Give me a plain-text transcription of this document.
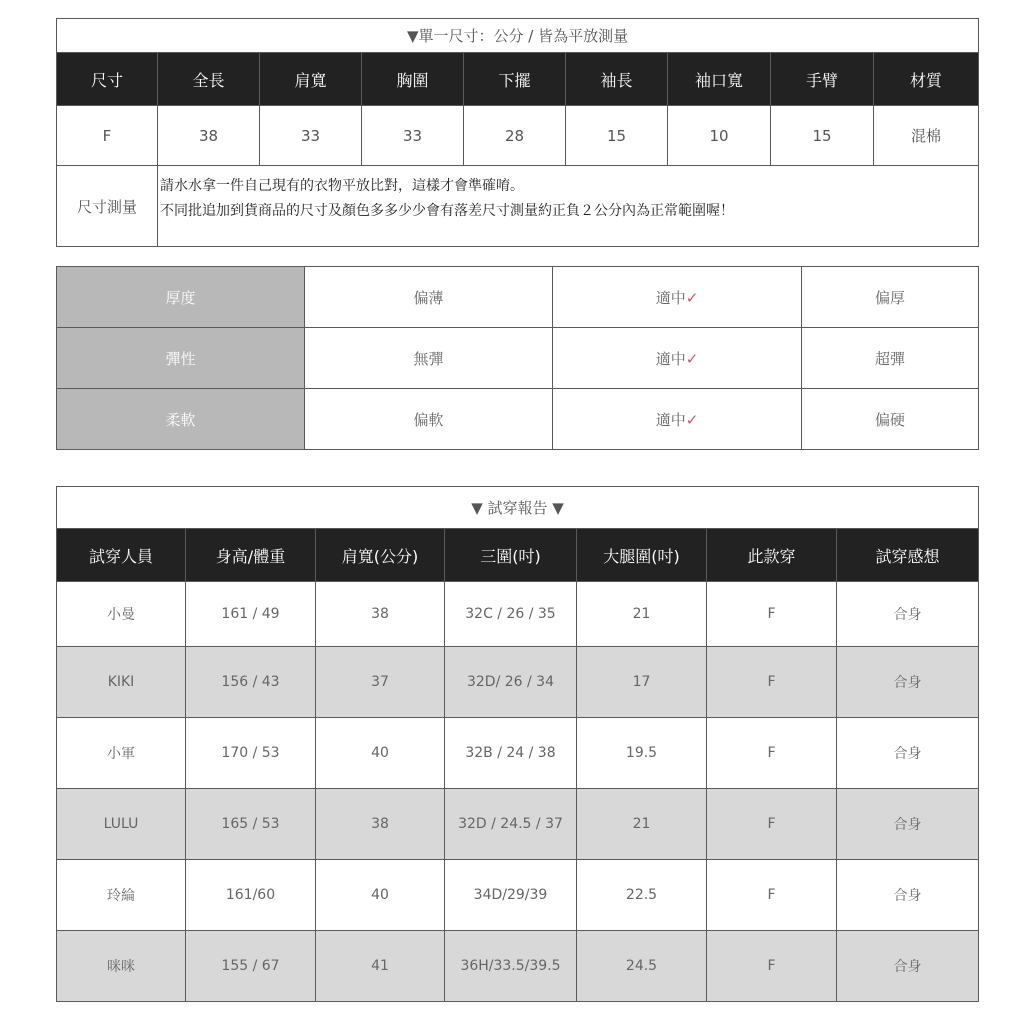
▼單一尺寸：公分 / 皆為平放測量								
尺寸	全長	肩寬	胸圍	下擺	袖長	袖口寬	手臂	材質
F	38	33	33	28	15	10	15	混棉
尺寸測量	請水水拿一件自己現有的衣物平放比對，這樣才會準確唷。
不同批追加到貨商品的尺寸及顏色多多少少會有落差尺寸測量約正負２公分內為正常範圍喔！							
厚度	偏薄	適中✓	偏厚
彈性	無彈	適中✓	超彈
柔軟	偏軟	適中✓	偏硬
▼ 試穿報告 ▼						
試穿人員	身高/體重	肩寬(公分)	三圍(吋)	大腿圍(吋)	此款穿	試穿感想
小曼	161 / 49	38	32C / 26 / 35	21	F	合身
KIKI	156 / 43	37	32D/ 26 / 34	17	F	合身
小軍	170 / 53	40	32B / 24 / 38	19.5	F	合身
LULU	165 / 53	38	32D / 24.5 / 37	21	F	合身
玲綸	161/60	40	34D/29/39	22.5	F	合身
咪咪	155 / 67	41	36H/33.5/39.5	24.5	F	合身
